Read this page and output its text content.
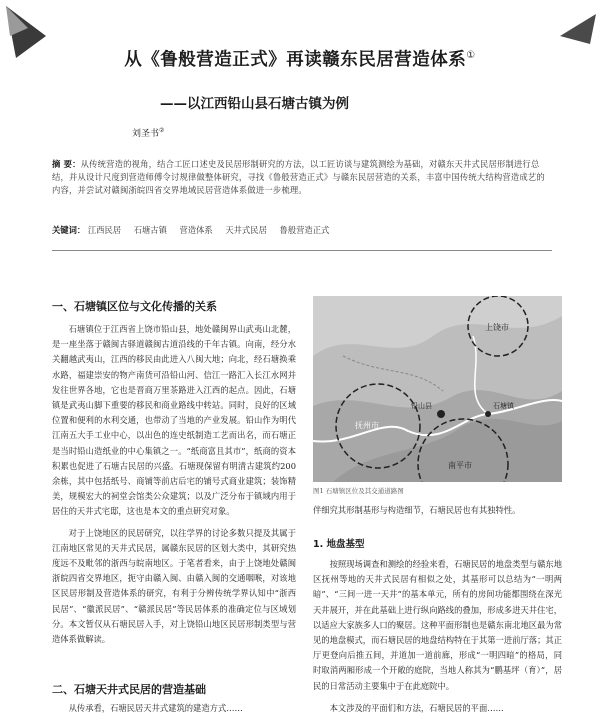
从《鲁般营造正式》再读赣东民居营造体系①
——以江西铅山县石塘古镇为例
刘圣书②
摘 要：从传统营造的视角，结合工匠口述史及民居形制研究的方法，以工匠访谈与建筑测绘为基础，对赣东天井式民居形制进行总结，并从设计尺度到营造师傅令讨规律做整体研究，寻找《鲁般营造正式》与赣东民居营造的关系，丰富中国传统大结构营造成艺的内容，并尝试对赣闽浙皖四省交界地域民居营造体系做进一步梳理。
关键词： 江西民居 石塘古镇 营造体系 天井式民居 鲁般营造正式
一、石塘镇区位与文化传播的关系

石塘镇位于江西省上饶市铅山县，地处赣闽界山武夷山北麓，是一座坐落于赣闽古驿道赣闽古道沿线的千年古镇。向南，经分水关翻越武夷山，江西的移民由此进入八闽大地；向北，经石塘换乘水路，福建崇安的物产南货可沿铅山河、信江一路汇入长江水网并发往世界各地，它也是晋商万里茶路进入江西的起点。因此，石塘镇是武夷山脚下重要的移民和商业路线中转站。同时，良好的区域位置和便利的水利交通，也带动了当地的产业发展。铅山作为明代江南五大手工业中心，以出色的连史纸制造工艺而出名，而石塘正是当时铅山造纸业的中心集镇之一。“纸商富且其市”，纸商的资本积累也促进了石塘古民居的兴盛。石塘现保留有明清古建筑约200余栋，其中包括纸号、商铺等前店后宅的铺号式商业建筑；装饰精美，规模宏大的祠堂会馆类公众建筑；以及广泛分布于镇域内用于居住的天井式宅邸，这也是本文的重点研究对象。

对于上饶地区的民居研究，以往学界的讨论多数只提及其属于江南地区常见的天井式民居，属赣东民居的区划大类中，其研究热度远不及毗邻的浙西与皖南地区。于笔者看来，由于上饶地处赣闽浙皖四省交界地区，扼守由赣入闽、由赣入闽的交通咽喉，对该地区民居形制及营造体系的研究，有利于分辨传统学界认知中“浙西民居”、“徽派民居”、“赣派民居”等民居体系的准确定位与区域划分。本文暂仅从石塘民居入手，对上饶铅山地区民居形制类型与营造体系做解读。

二、石塘天井式民居的营造基础

从传承看，石塘民居天井式建筑的建造方式……

抚州市
上饶市
南平市
铅山县	石塘镇
图1 石塘镇区位及其交通道路图

伴细究其形制基形与构造细节，石塘民居也有其独特性。

1. 地盘基型

按照现场调查和测绘的经验来看，石塘民居的地盘类型与赣东地区抚州等地的天井式民居有相似之处，其基形可以总结为“一明两暗”、“三间一进一天井”的基本单元，所有的房间功能都围绕在深光天井展开，并在此基础上进行纵向路线的叠加，形成多进天井住宅，以适应大家族多人口的聚居。这种平面形制也是赣东南北地区最为常见的地盘模式，而石塘民居的地盘结构特在于其第一进前厅落；其正厅更登向后推五间，并道加一道前廊，形成“一明四暗”的格局，同时取消两厢形成一个开敞的庭院，当地人称其为“鹏基坪（育）”，居民的日常活动主要集中于在此庭院中。

本文涉及的平面们和方法，石塘民居的平面……
